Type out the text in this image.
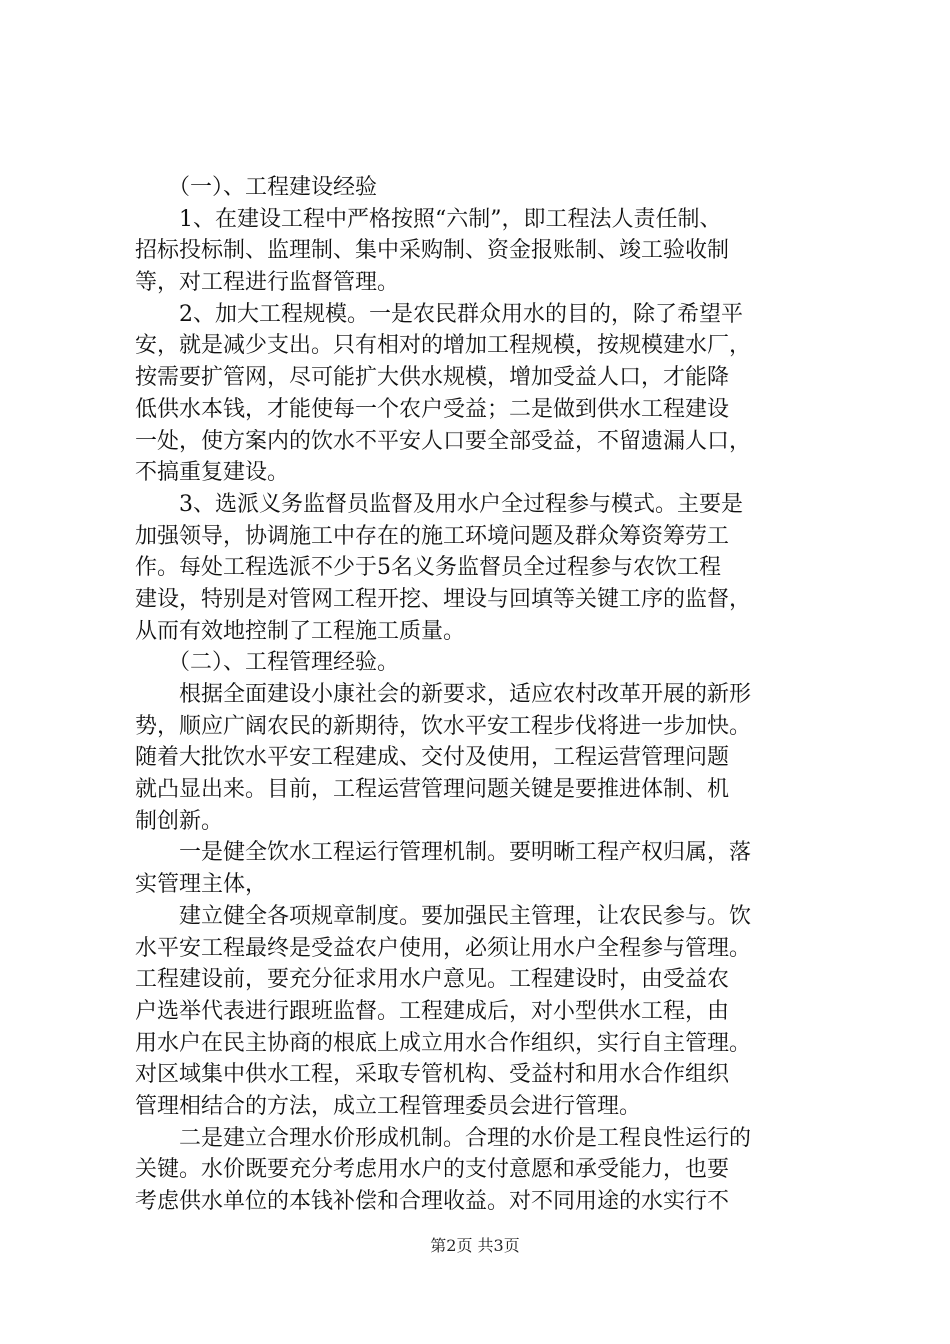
　　（一）、工程建设经验
　　1、在建设工程中严格按照“六制”，即工程法人责任制、
招标投标制、监理制、集中采购制、资金报账制、竣工验收制
等，对工程进行监督管理。
　　2、加大工程规模。一是农民群众用水的目的，除了希望平
安，就是减少支出。只有相对的增加工程规模，按规模建水厂，
按需要扩管网，尽可能扩大供水规模，增加受益人口，才能降
低供水本钱，才能使每一个农户受益；二是做到供水工程建设
一处，使方案内的饮水不平安人口要全部受益，不留遗漏人口，
不搞重复建设。
　　3、选派义务监督员监督及用水户全过程参与模式。主要是
加强领导，协调施工中存在的施工环境问题及群众筹资筹劳工
作。每处工程选派不少于5名义务监督员全过程参与农饮工程
建设，特别是对管网工程开挖、埋设与回填等关键工序的监督，
从而有效地控制了工程施工质量。
　　（二）、工程管理经验。
　　根据全面建设小康社会的新要求，适应农村改革开展的新形
势，顺应广阔农民的新期待，饮水平安工程步伐将进一步加快。
随着大批饮水平安工程建成、交付及使用，工程运营管理问题
就凸显出来。目前，工程运营管理问题关键是要推进体制、机
制创新。
　　一是健全饮水工程运行管理机制。要明晰工程产权归属，落
实管理主体，
　　建立健全各项规章制度。要加强民主管理，让农民参与。饮
水平安工程最终是受益农户使用，必须让用水户全程参与管理。
工程建设前，要充分征求用水户意见。工程建设时，由受益农
户选举代表进行跟班监督。工程建成后，对小型供水工程，由
用水户在民主协商的根底上成立用水合作组织，实行自主管理。
对区域集中供水工程，采取专管机构、受益村和用水合作组织
管理相结合的方法，成立工程管理委员会进行管理。
　　二是建立合理水价形成机制。合理的水价是工程良性运行的
关键。水价既要充分考虑用水户的支付意愿和承受能力，也要
考虑供水单位的本钱补偿和合理收益。对不同用途的水实行不
第2页 共3页
